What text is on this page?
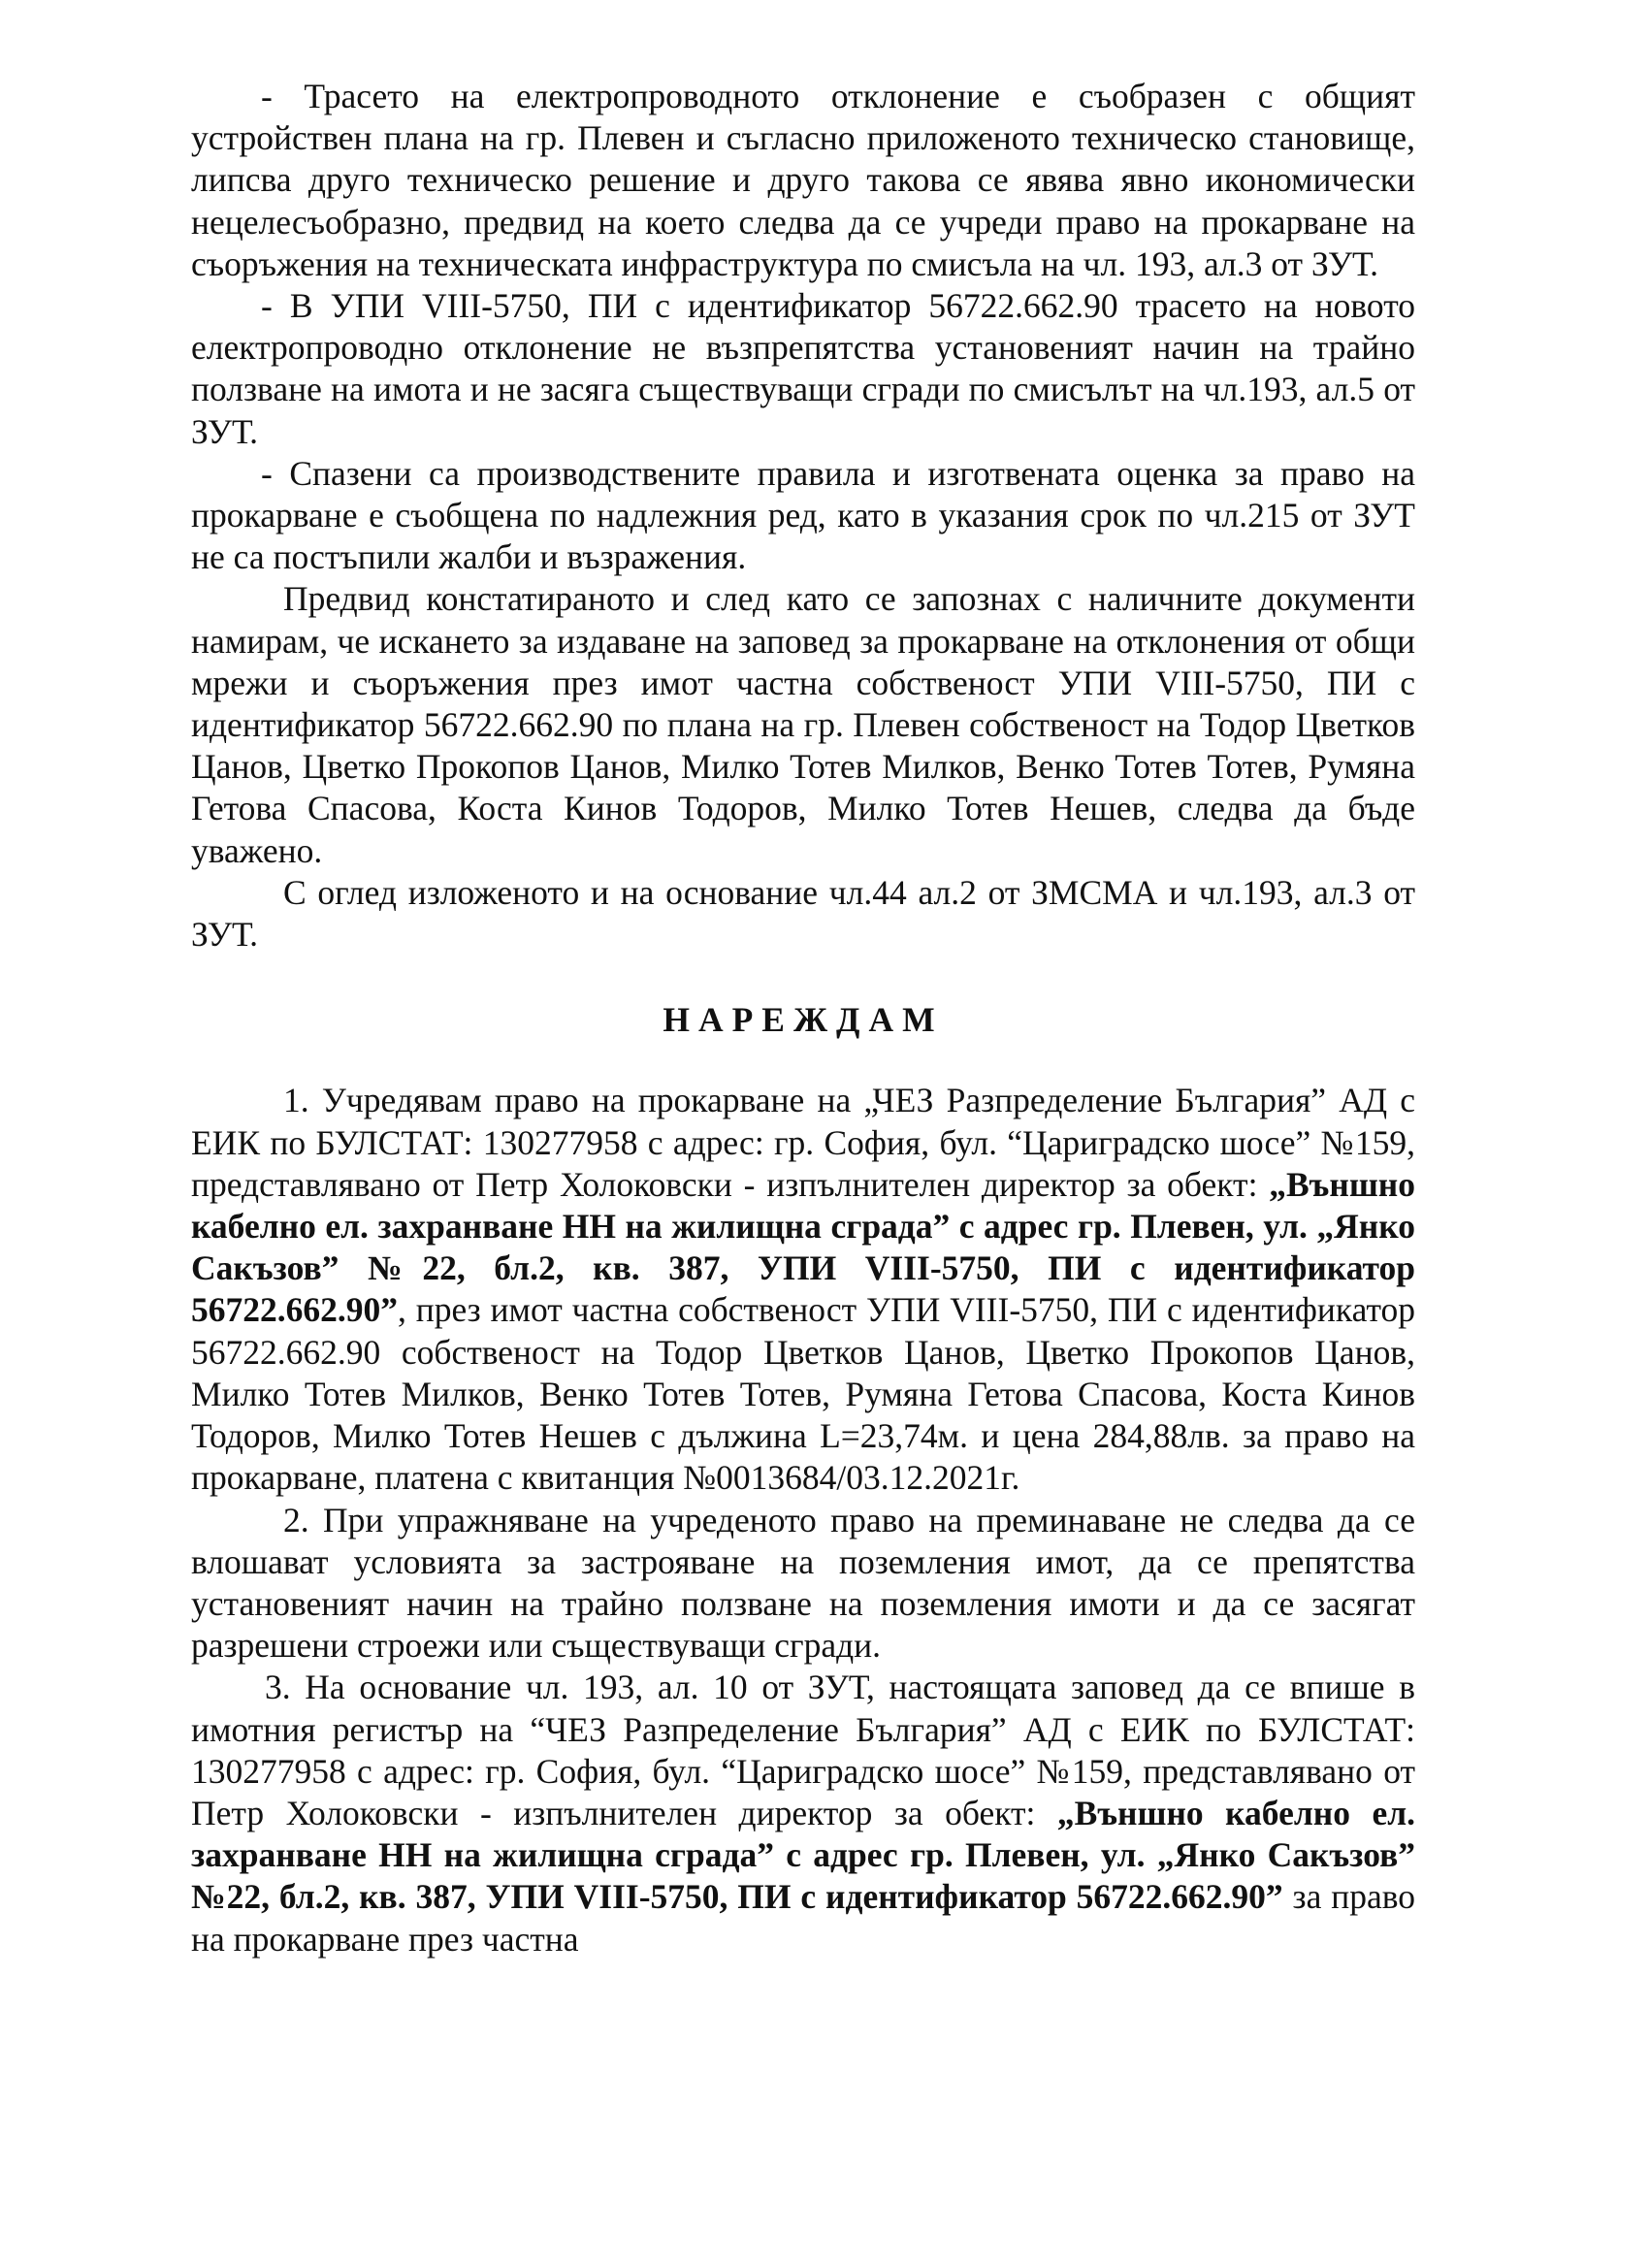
- Трасето на електропроводното отклонение е съобразен с общият устройствен плана на гр. Плевен и съгласно приложеното техническо становище, липсва друго техническо решение и друго такова се явява явно икономически нецелесъобразно, предвид на което следва да се учреди право на прокарване на съоръжения на техническата инфраструктура по смисъла на чл. 193, ал.3 от ЗУТ.

- В УПИ VIII-5750, ПИ с идентификатор 56722.662.90 трасето на новото електропроводно отклонение не възпрепятства установеният начин на трайно ползване на имота и не засяга съществуващи сгради по смисълът на чл.193, ал.5 от ЗУТ.

- Спазени са производствените правила и изготвената оценка за право на прокарване е съобщена по надлежния ред, като в указания срок по чл.215 от ЗУТ не са постъпили жалби и възражения.

Предвид констатираното и след като се запознах с наличните документи намирам, че искането за издаване на заповед за прокарване на отклонения от общи мрежи и съоръжения през имот частна собственост УПИ VIII-5750, ПИ с идентификатор 56722.662.90 по плана на гр. Плевен собственост на Тодор Цветков Цанов, Цветко Прокопов Цанов, Милко Тотев Милков, Венко Тотев Тотев, Румяна Гетова Спасова, Коста Кинов Тодоров, Милко Тотев Нешев, следва да бъде уважено.

С оглед изложеното и на основание чл.44 ал.2 от ЗМСМА и чл.193, ал.3 от ЗУТ.

НАРЕЖДАМ

1. Учредявам право на прокарване на „ЧЕЗ Разпределение България” АД с ЕИК по БУЛСТАТ: 130277958 с адрес: гр. София, бул. “Цариградско шосе” №159, представлявано от Петр Холоковски - изпълнителен директор за обект: „Външно кабелно ел. захранване НН на жилищна сграда” с адрес гр. Плевен, ул. „Янко Сакъзов” №22, бл.2, кв. 387, УПИ VIII-5750, ПИ с идентификатор 56722.662.90”, през имот частна собственост УПИ VIII-5750, ПИ с идентификатор 56722.662.90 собственост на Тодор Цветков Цанов, Цветко Прокопов Цанов, Милко Тотев Милков, Венко Тотев Тотев, Румяна Гетова Спасова, Коста Кинов Тодоров, Милко Тотев Нешев с дължина L=23,74м. и цена 284,88лв. за право на прокарване, платена с квитанция №0013684/03.12.2021г.

2. При упражняване на учреденото право на преминаване не следва да се влошават условията за застрояване на поземления имот, да се препятства установеният начин на трайно ползване на поземления имоти и да се засягат разрешени строежи или съществуващи сгради.

3. На основание чл. 193, ал. 10 от ЗУТ, настоящата заповед да се впише в имотния регистър на “ЧЕЗ Разпределение България” АД с ЕИК по БУЛСТАТ: 130277958 с адрес: гр. София, бул. “Цариградско шосе” №159, представлявано от Петр Холоковски - изпълнителен директор за обект: „Външно кабелно ел. захранване НН на жилищна сграда” с адрес гр. Плевен, ул. „Янко Сакъзов” №22, бл.2, кв. 387, УПИ VIII-5750, ПИ с идентификатор 56722.662.90” за право на прокарване през частна
